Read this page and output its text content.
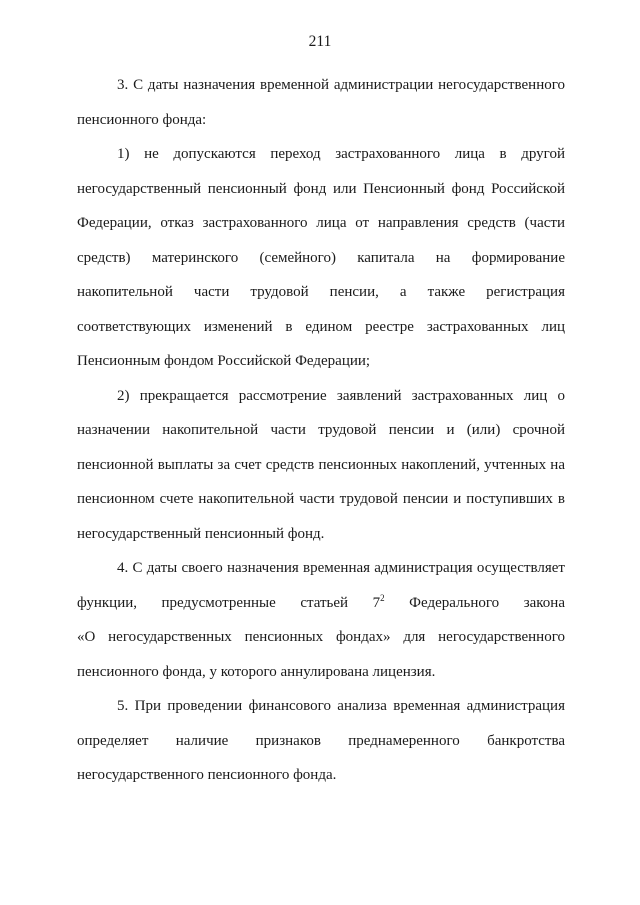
211
3. С даты назначения временной администрации негосударственного
пенсионного фонда:
1) не допускаются переход застрахованного лица в другой
негосударственный пенсионный фонд или Пенсионный фонд Российской
Федерации, отказ застрахованного лица от направления средств (части
средств) материнского (семейного) капитала на формирование
накопительной части трудовой пенсии, а также регистрация
соответствующих изменений в едином реестре застрахованных лиц
Пенсионным фондом Российской Федерации;
2) прекращается рассмотрение заявлений застрахованных лиц о
назначении накопительной части трудовой пенсии и (или) срочной
пенсионной выплаты за счет средств пенсионных накоплений, учтенных на
пенсионном счете накопительной части трудовой пенсии и поступивших в
негосударственный пенсионный фонд.
4. С даты своего назначения временная администрация осуществляет
функции, предусмотренные статьей $7^2$ Федерального закона
«О негосударственных пенсионных фондах» для негосударственного
пенсионного фонда, у которого аннулирована лицензия.
5. При проведении финансового анализа временная администрация
определяет наличие признаков преднамеренного банкротства
негосударственного пенсионного фонда.
